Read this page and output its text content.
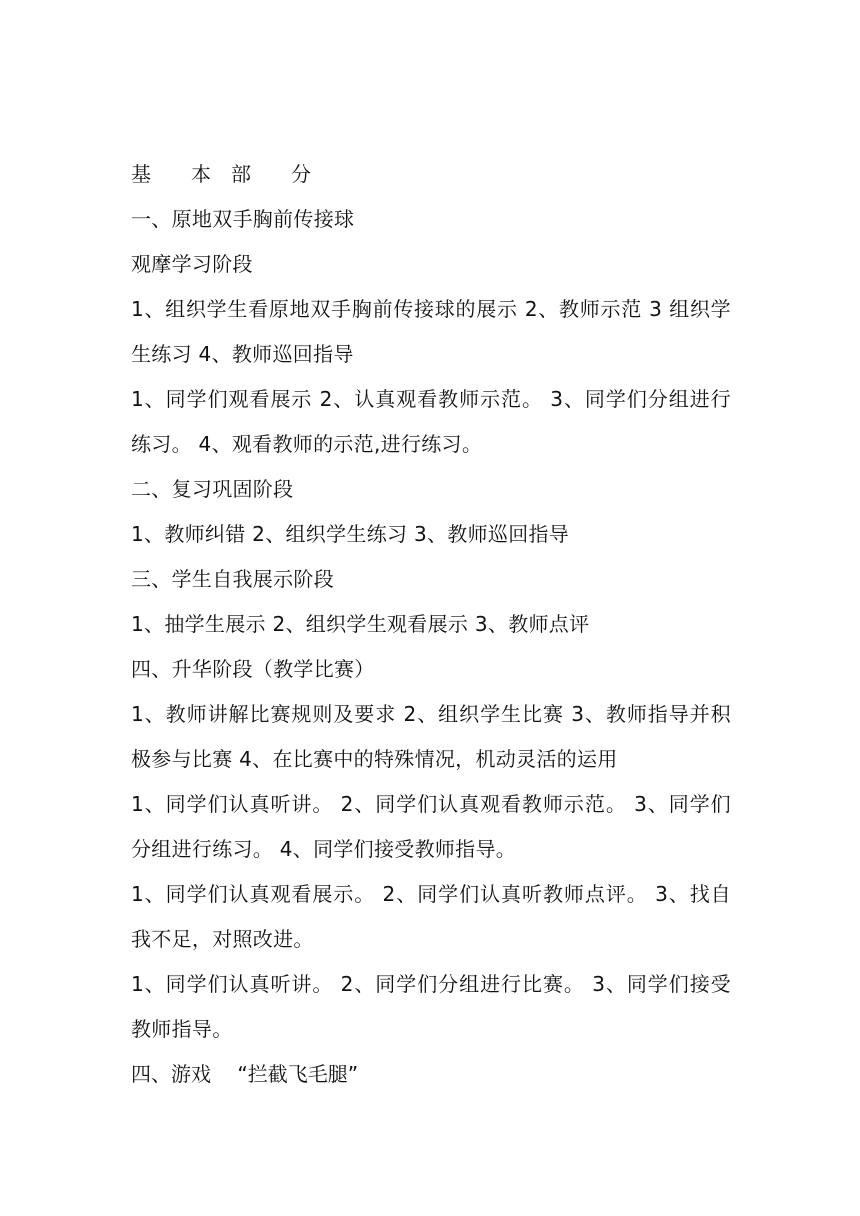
基　　本　部　　分

一、原地双手胸前传接球

观摩学习阶段

1、组织学生看原地双手胸前传接球的展示 2、教师示范 3 组织学生练习 4、教师巡回指导

1、同学们观看展示 2、认真观看教师示范。 3、同学们分组进行练习。 4、观看教师的示范,进行练习。

二、复习巩固阶段

1、教师纠错 2、组织学生练习 3、教师巡回指导

三、学生自我展示阶段

1、抽学生展示 2、组织学生观看展示 3、教师点评

四、升华阶段（教学比赛）

1、教师讲解比赛规则及要求 2、组织学生比赛 3、教师指导并积极参与比赛 4、在比赛中的特殊情况，机动灵活的运用

1、同学们认真听讲。 2、同学们认真观看教师示范。 3、同学们分组进行练习。 4、同学们接受教师指导。

1、同学们认真观看展示。 2、同学们认真听教师点评。 3、找自我不足，对照改进。

1、同学们认真听讲。 2、同学们分组进行比赛。 3、同学们接受教师指导。

四、游戏　 “拦截飞毛腿”
